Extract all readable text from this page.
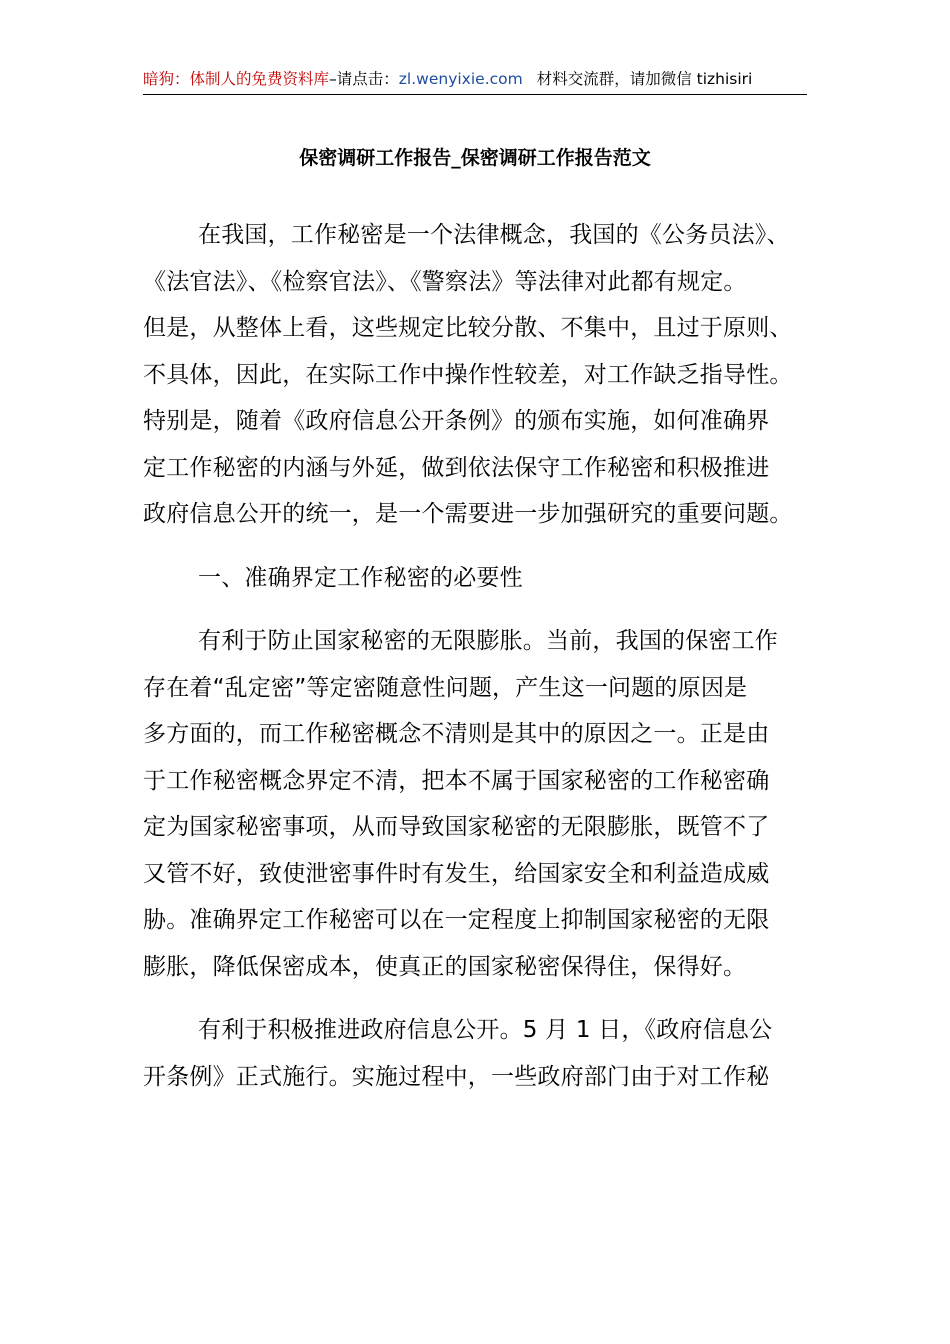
暗狗：体制人的免费资料库–请点击：zl.wenyixie.com 材料交流群，请加微信 tizhisiri
保密调研工作报告_保密调研工作报告范文

在我国，工作秘密是一个法律概念，我国的《公务员法》、
《法官法》、《检察官法》、《警察法》等法律对此都有规定。
但是，从整体上看，这些规定比较分散、不集中，且过于原则、
不具体，因此，在实际工作中操作性较差，对工作缺乏指导性。
特别是，随着《政府信息公开条例》的颁布实施，如何准确界
定工作秘密的内涵与外延，做到依法保守工作秘密和积极推进
政府信息公开的统一，是一个需要进一步加强研究的重要问题。

一、准确界定工作秘密的必要性

有利于防止国家秘密的无限膨胀。当前，我国的保密工作
存在着“乱定密”等定密随意性问题，产生这一问题的原因是
多方面的，而工作秘密概念不清则是其中的原因之一。正是由
于工作秘密概念界定不清，把本不属于国家秘密的工作秘密确
定为国家秘密事项，从而导致国家秘密的无限膨胀，既管不了
又管不好，致使泄密事件时有发生，给国家安全和利益造成威
胁。准确界定工作秘密可以在一定程度上抑制国家秘密的无限
膨胀，降低保密成本，使真正的国家秘密保得住，保得好。

有利于积极推进政府信息公开。5 月 1 日，《政府信息公
开条例》正式施行。实施过程中，一些政府部门由于对工作秘
